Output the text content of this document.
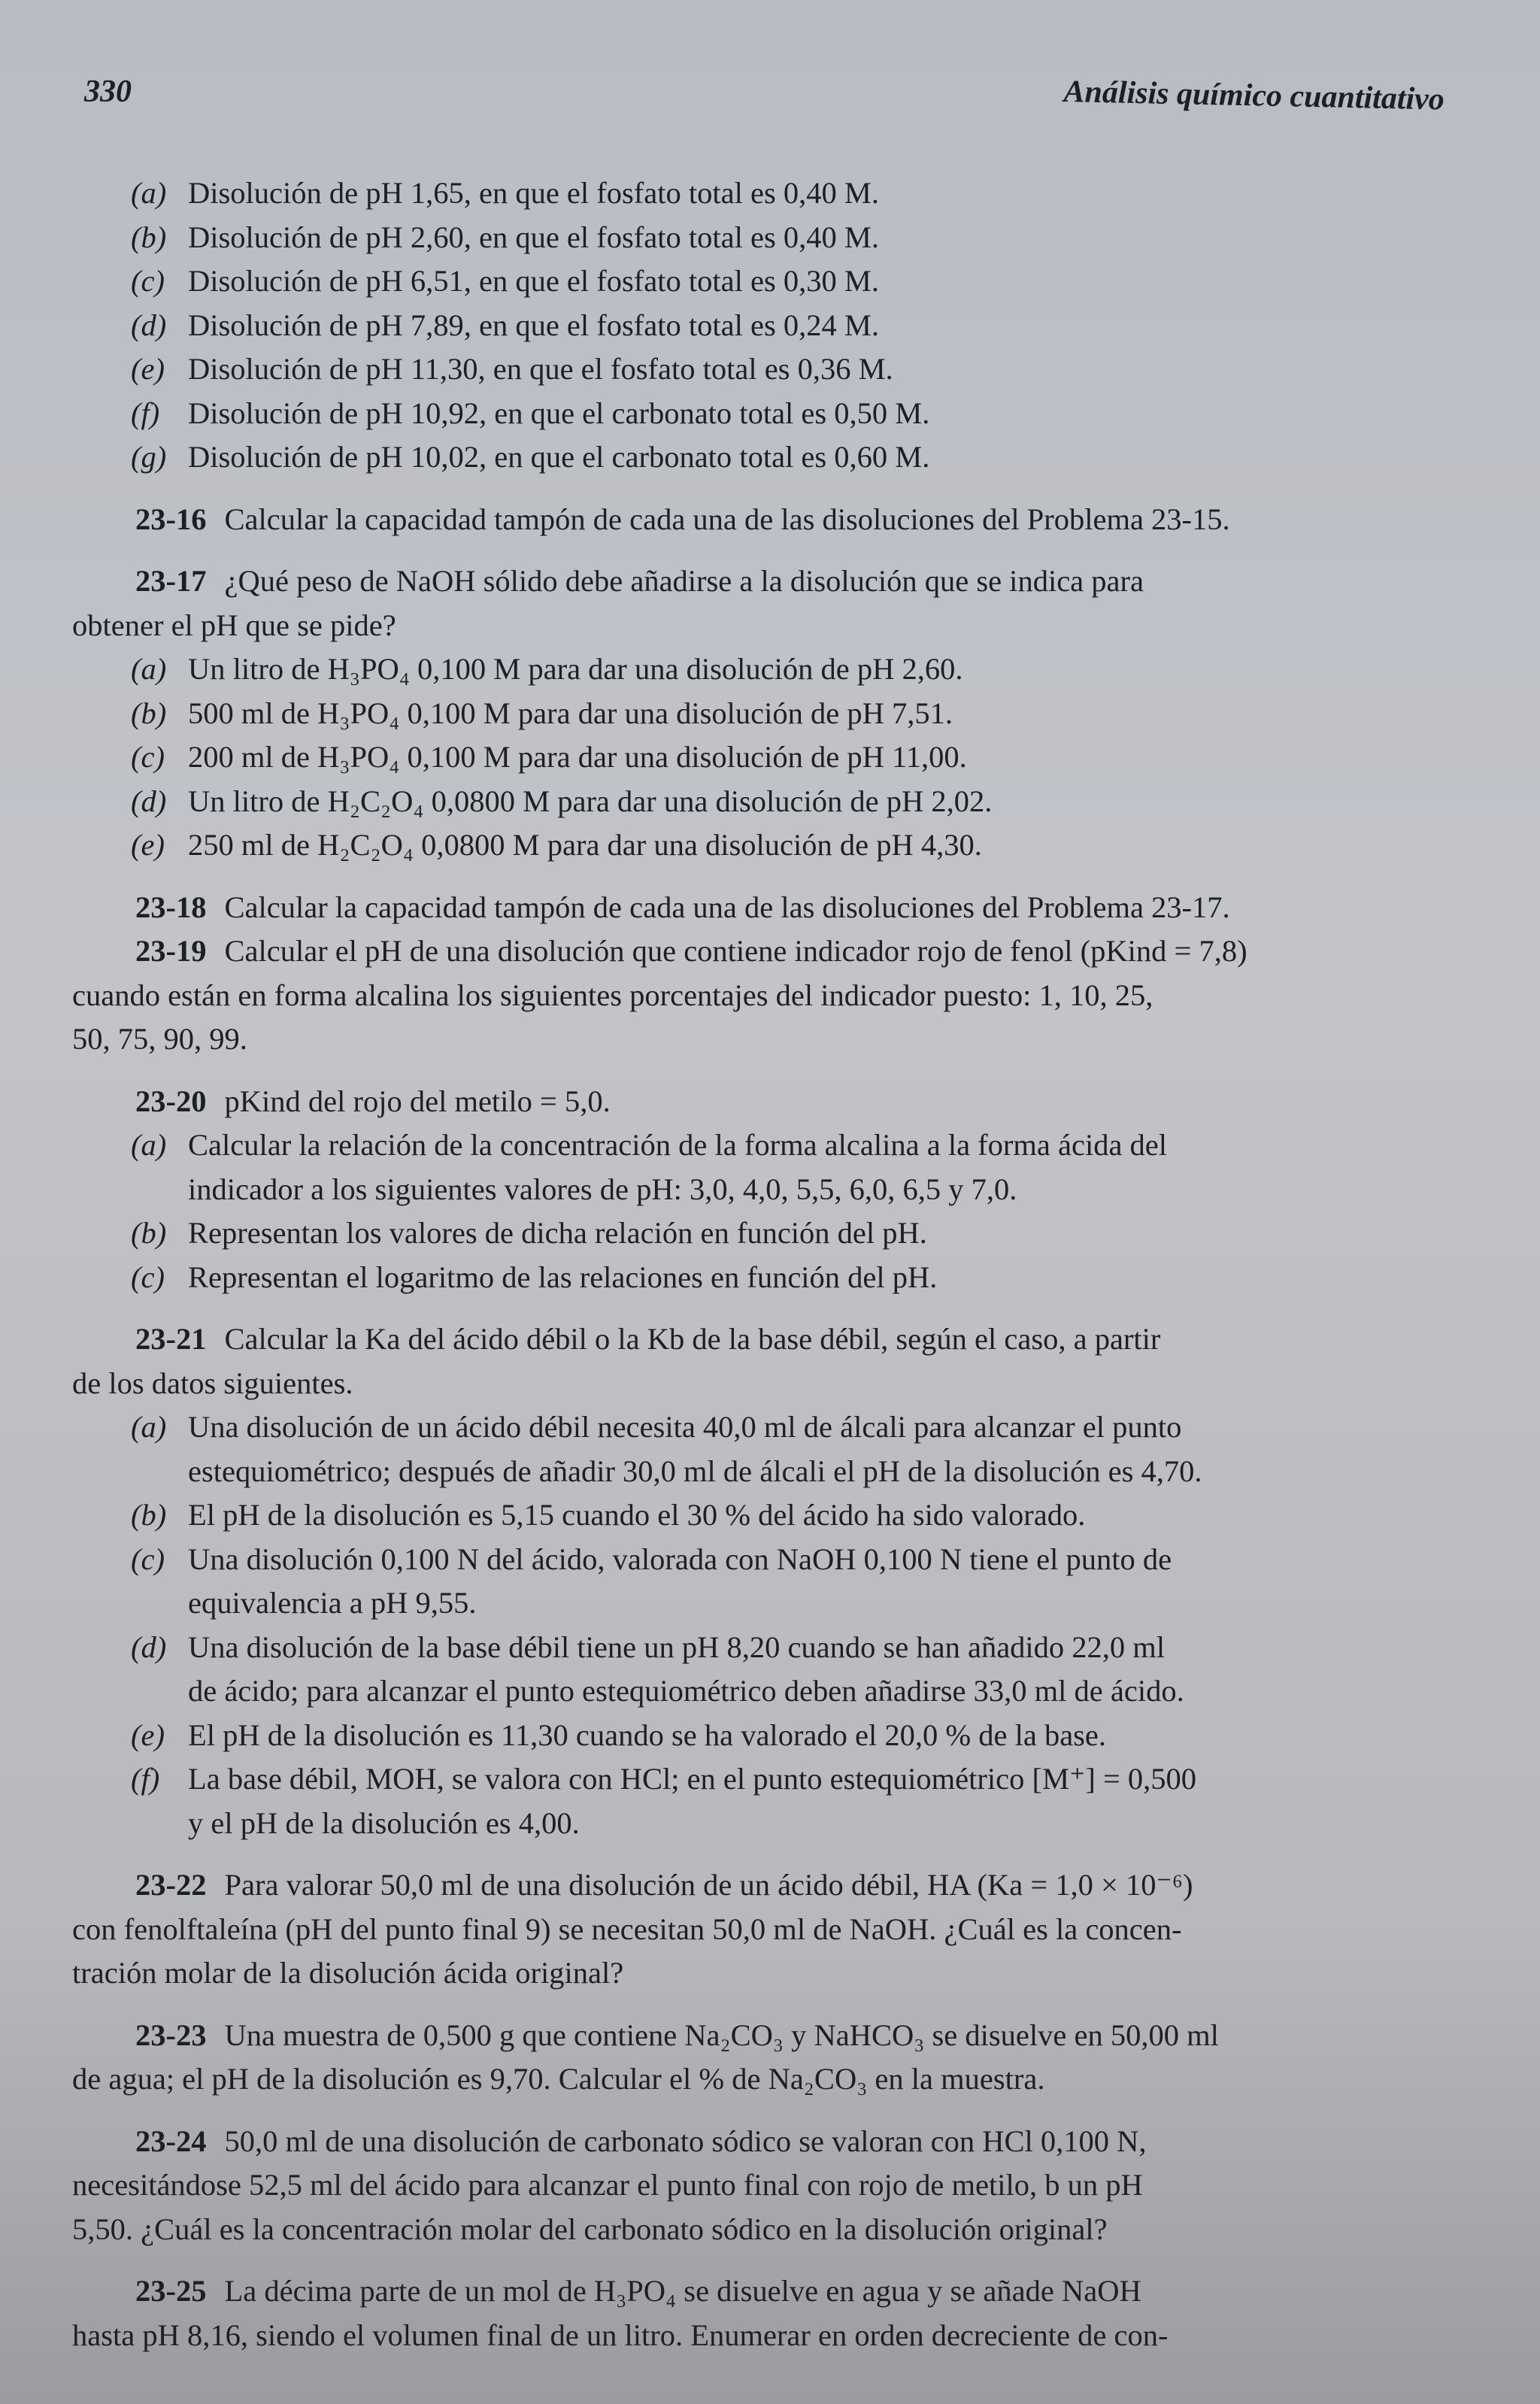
330	Análisis químico cuantitativo
(a) Disolución de pH 1,65, en que el fosfato total es 0,40 M.
(b) Disolución de pH 2,60, en que el fosfato total es 0,40 M.
(c) Disolución de pH 6,51, en que el fosfato total es 0,30 M.
(d) Disolución de pH 7,89, en que el fosfato total es 0,24 M.
(e) Disolución de pH 11,30, en que el fosfato total es 0,36 M.
(f) Disolución de pH 10,92, en que el carbonato total es 0,50 M.
(g) Disolución de pH 10,02, en que el carbonato total es 0,60 M.
23-16 Calcular la capacidad tampón de cada una de las disoluciones del Problema 23-15.
23-17 ¿Qué peso de NaOH sólido debe añadirse a la disolución que se indica para
obtener el pH que se pide?
(a) Un litro de H₃PO₄ 0,100 M para dar una disolución de pH 2,60.
(b) 500 ml de H₃PO₄ 0,100 M para dar una disolución de pH 7,51.
(c) 200 ml de H₃PO₄ 0,100 M para dar una disolución de pH 11,00.
(d) Un litro de H₂C₂O₄ 0,0800 M para dar una disolución de pH 2,02.
(e) 250 ml de H₂C₂O₄ 0,0800 M para dar una disolución de pH 4,30.
23-18 Calcular la capacidad tampón de cada una de las disoluciones del Problema 23-17.
23-19 Calcular el pH de una disolución que contiene indicador rojo de fenol (pKind = 7,8)
cuando están en forma alcalina los siguientes porcentajes del indicador puesto: 1, 10, 25,
50, 75, 90, 99.
23-20 pKind del rojo del metilo = 5,0.
(a) Calcular la relación de la concentración de la forma alcalina a la forma ácida del
indicador a los siguientes valores de pH: 3,0, 4,0, 5,5, 6,0, 6,5 y 7,0.
(b) Representan los valores de dicha relación en función del pH.
(c) Representan el logaritmo de las relaciones en función del pH.
23-21 Calcular la Ka del ácido débil o la Kb de la base débil, según el caso, a partir
de los datos siguientes.
(a) Una disolución de un ácido débil necesita 40,0 ml de álcali para alcanzar el punto
estequiométrico; después de añadir 30,0 ml de álcali el pH de la disolución es 4,70.
(b) El pH de la disolución es 5,15 cuando el 30 % del ácido ha sido valorado.
(c) Una disolución 0,100 N del ácido, valorada con NaOH 0,100 N tiene el punto de
equivalencia a pH 9,55.
(d) Una disolución de la base débil tiene un pH 8,20 cuando se han añadido 22,0 ml
de ácido; para alcanzar el punto estequiométrico deben añadirse 33,0 ml de ácido.
(e) El pH de la disolución es 11,30 cuando se ha valorado el 20,0 % de la base.
(f) La base débil, MOH, se valora con HCl; en el punto estequiométrico [M⁺] = 0,500
y el pH de la disolución es 4,00.
23-22 Para valorar 50,0 ml de una disolución de un ácido débil, HA (Ka = 1,0 × 10⁻⁶)
con fenolftaleína (pH del punto final 9) se necesitan 50,0 ml de NaOH. ¿Cuál es la concen-
tración molar de la disolución ácida original?
23-23 Una muestra de 0,500 g que contiene Na₂CO₃ y NaHCO₃ se disuelve en 50,00 ml
de agua; el pH de la disolución es 9,70. Calcular el % de Na₂CO₃ en la muestra.
23-24 50,0 ml de una disolución de carbonato sódico se valoran con HCl 0,100 N,
necesitándose 52,5 ml del ácido para alcanzar el punto final con rojo de metilo, b un pH
5,50. ¿Cuál es la concentración molar del carbonato sódico en la disolución original?
23-25 La décima parte de un mol de H₃PO₄ se disuelve en agua y se añade NaOH
hasta pH 8,16, siendo el volumen final de un litro. Enumerar en orden decreciente de con-
